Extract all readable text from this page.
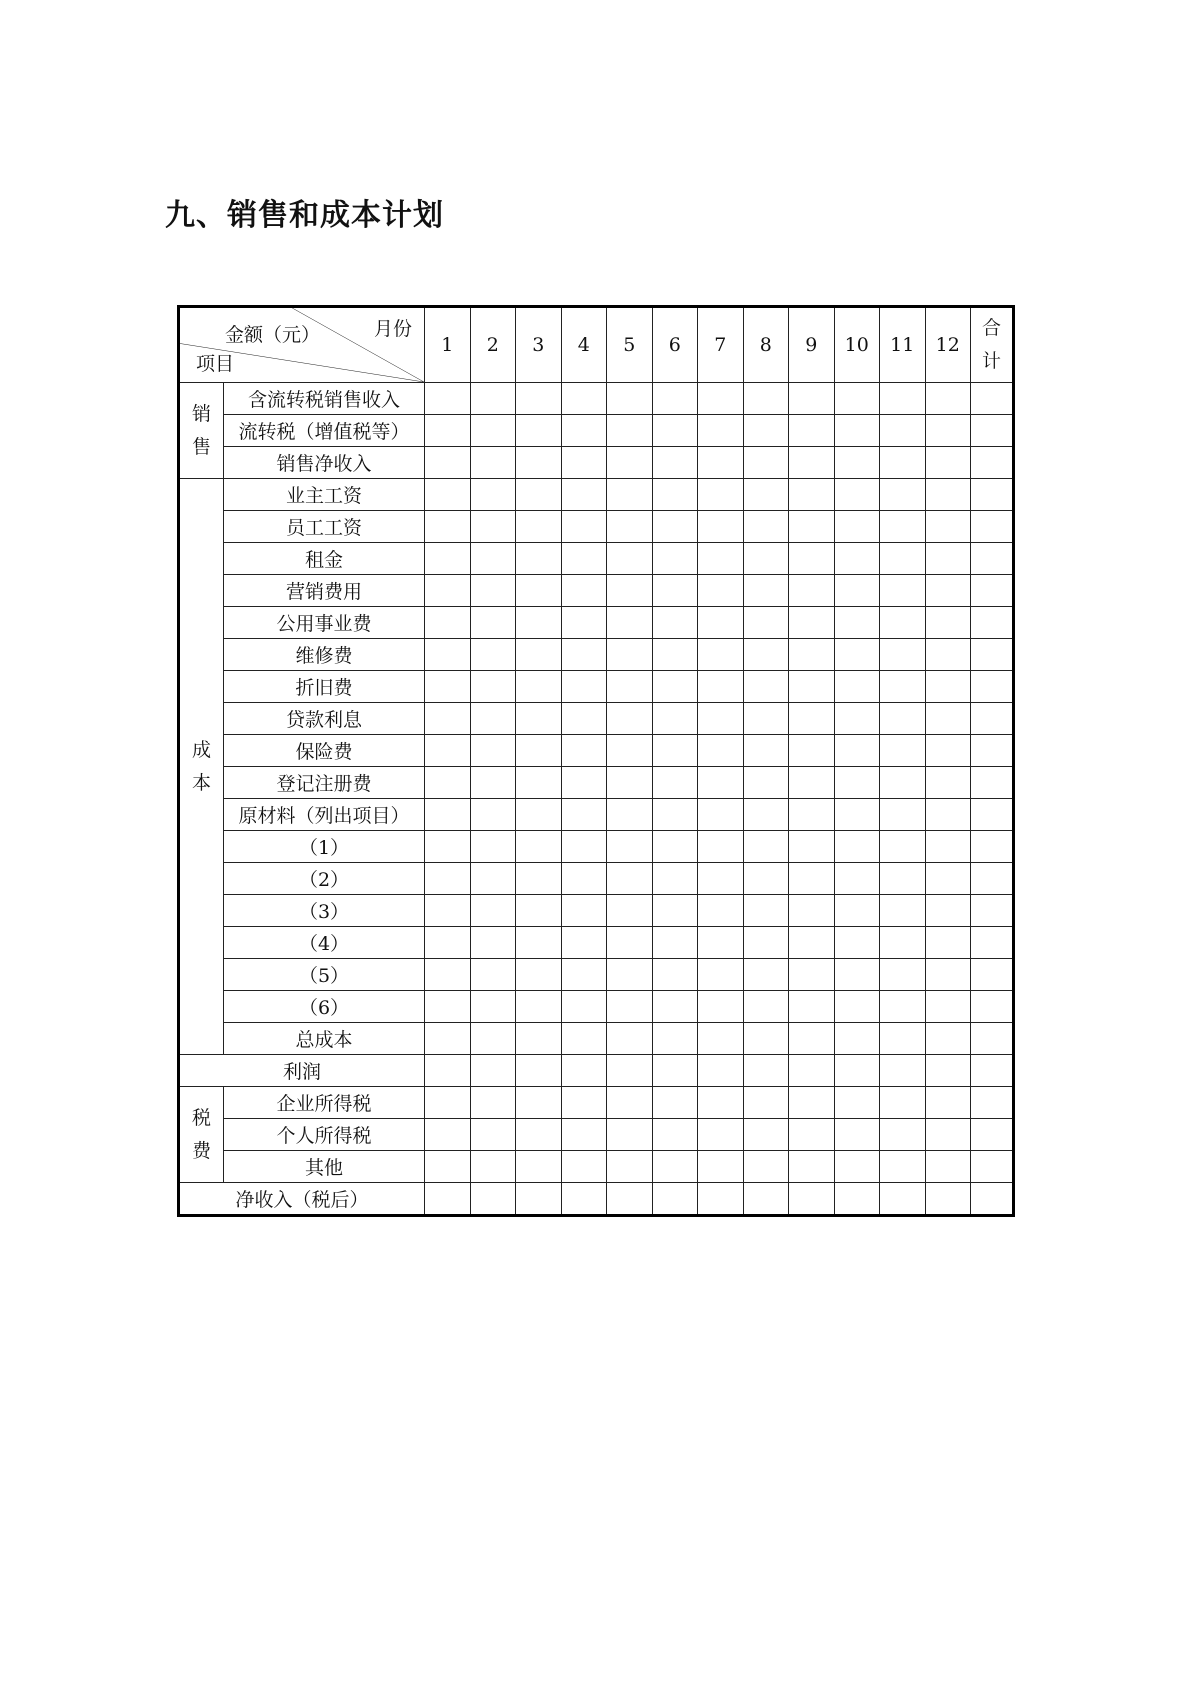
九、销售和成本计划
金额（元） 月份
项目		1	2	3	4	5	6	7	8	9	10	11	12	合计
销售	含流转税销售收入													
	流转税（增值税等）													
	销售净收入													
成本	业主工资													
	员工工资													
	租金													
	营销费用													
	公用事业费													
	维修费													
	折旧费													
	贷款利息													
	保险费													
	登记注册费													
	原材料（列出项目）													
	（1）													
	（2）													
	（3）													
	（4）													
	（5）													
	（6）													
	总成本													
利润														
税费	企业所得税													
	个人所得税													
	其他													
净收入（税后）														
